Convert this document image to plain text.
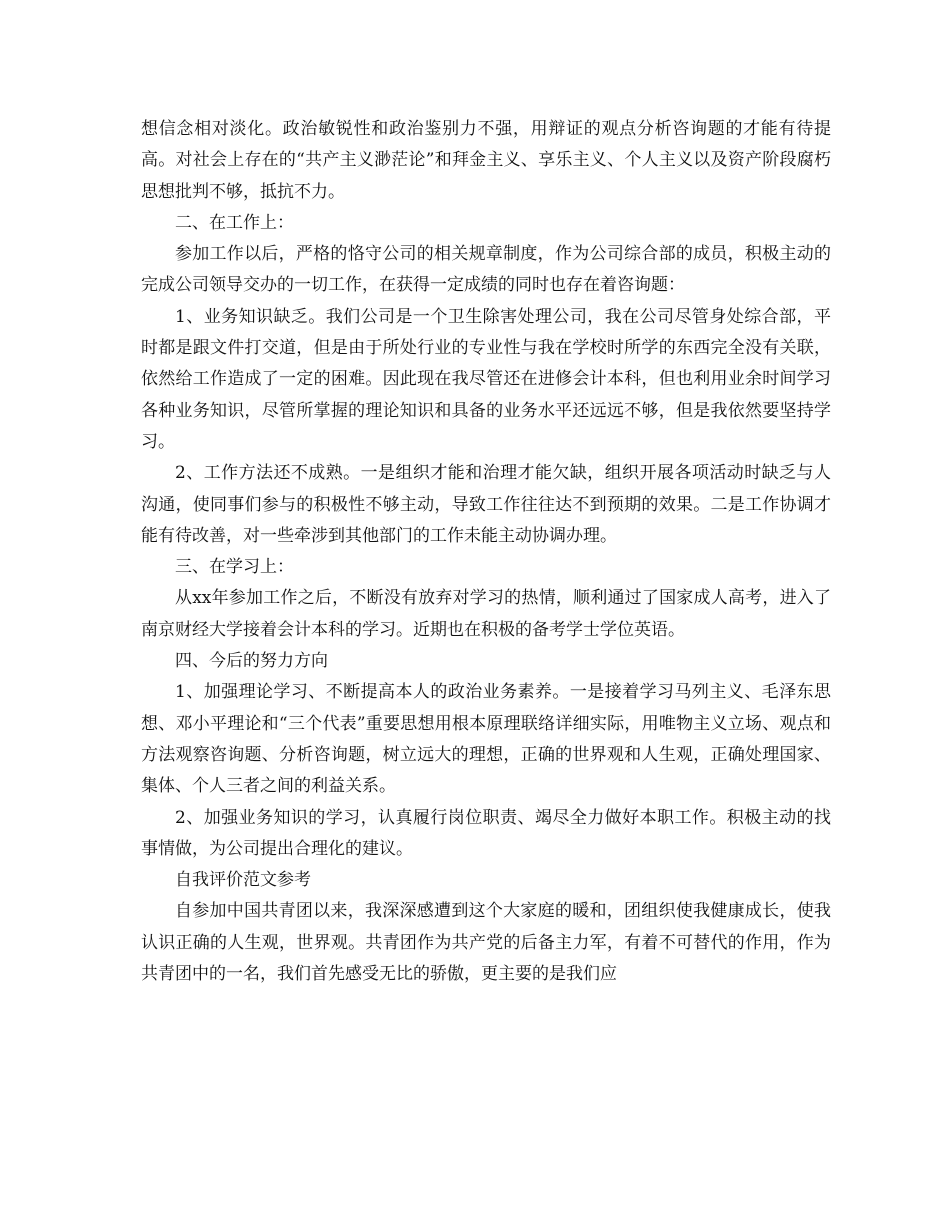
想信念相对淡化。政治敏锐性和政治鉴别力不强，用辩证的观点分析咨询题的才能有待提高。对社会上存在的“共产主义渺茫论”和拜金主义、享乐主义、个人主义以及资产阶段腐朽思想批判不够，抵抗不力。

二、在工作上：

参加工作以后，严格的恪守公司的相关规章制度，作为公司综合部的成员，积极主动的完成公司领导交办的一切工作，在获得一定成绩的同时也存在着咨询题：

1、业务知识缺乏。我们公司是一个卫生除害处理公司，我在公司尽管身处综合部，平时都是跟文件打交道，但是由于所处行业的专业性与我在学校时所学的东西完全没有关联，依然给工作造成了一定的困难。因此现在我尽管还在进修会计本科，但也利用业余时间学习各种业务知识，尽管所掌握的理论知识和具备的业务水平还远远不够，但是我依然要坚持学习。

2、工作方法还不成熟。一是组织才能和治理才能欠缺，组织开展各项活动时缺乏与人沟通，使同事们参与的积极性不够主动，导致工作往往达不到预期的效果。二是工作协调才能有待改善，对一些牵涉到其他部门的工作未能主动协调办理。

三、在学习上：

从xx年参加工作之后，不断没有放弃对学习的热情，顺利通过了国家成人高考，进入了南京财经大学接着会计本科的学习。近期也在积极的备考学士学位英语。

四、今后的努力方向

1、加强理论学习、不断提高本人的政治业务素养。一是接着学习马列主义、毛泽东思想、邓小平理论和“三个代表”重要思想用根本原理联络详细实际，用唯物主义立场、观点和方法观察咨询题、分析咨询题，树立远大的理想，正确的世界观和人生观，正确处理国家、集体、个人三者之间的利益关系。

2、加强业务知识的学习，认真履行岗位职责、竭尽全力做好本职工作。积极主动的找事情做，为公司提出合理化的建议。

自我评价范文参考

自参加中国共青团以来，我深深感遭到这个大家庭的暖和，团组织使我健康成长，使我认识正确的人生观，世界观。共青团作为共产党的后备主力军，有着不可替代的作用，作为共青团中的一名，我们首先感受无比的骄傲，更主要的是我们应
